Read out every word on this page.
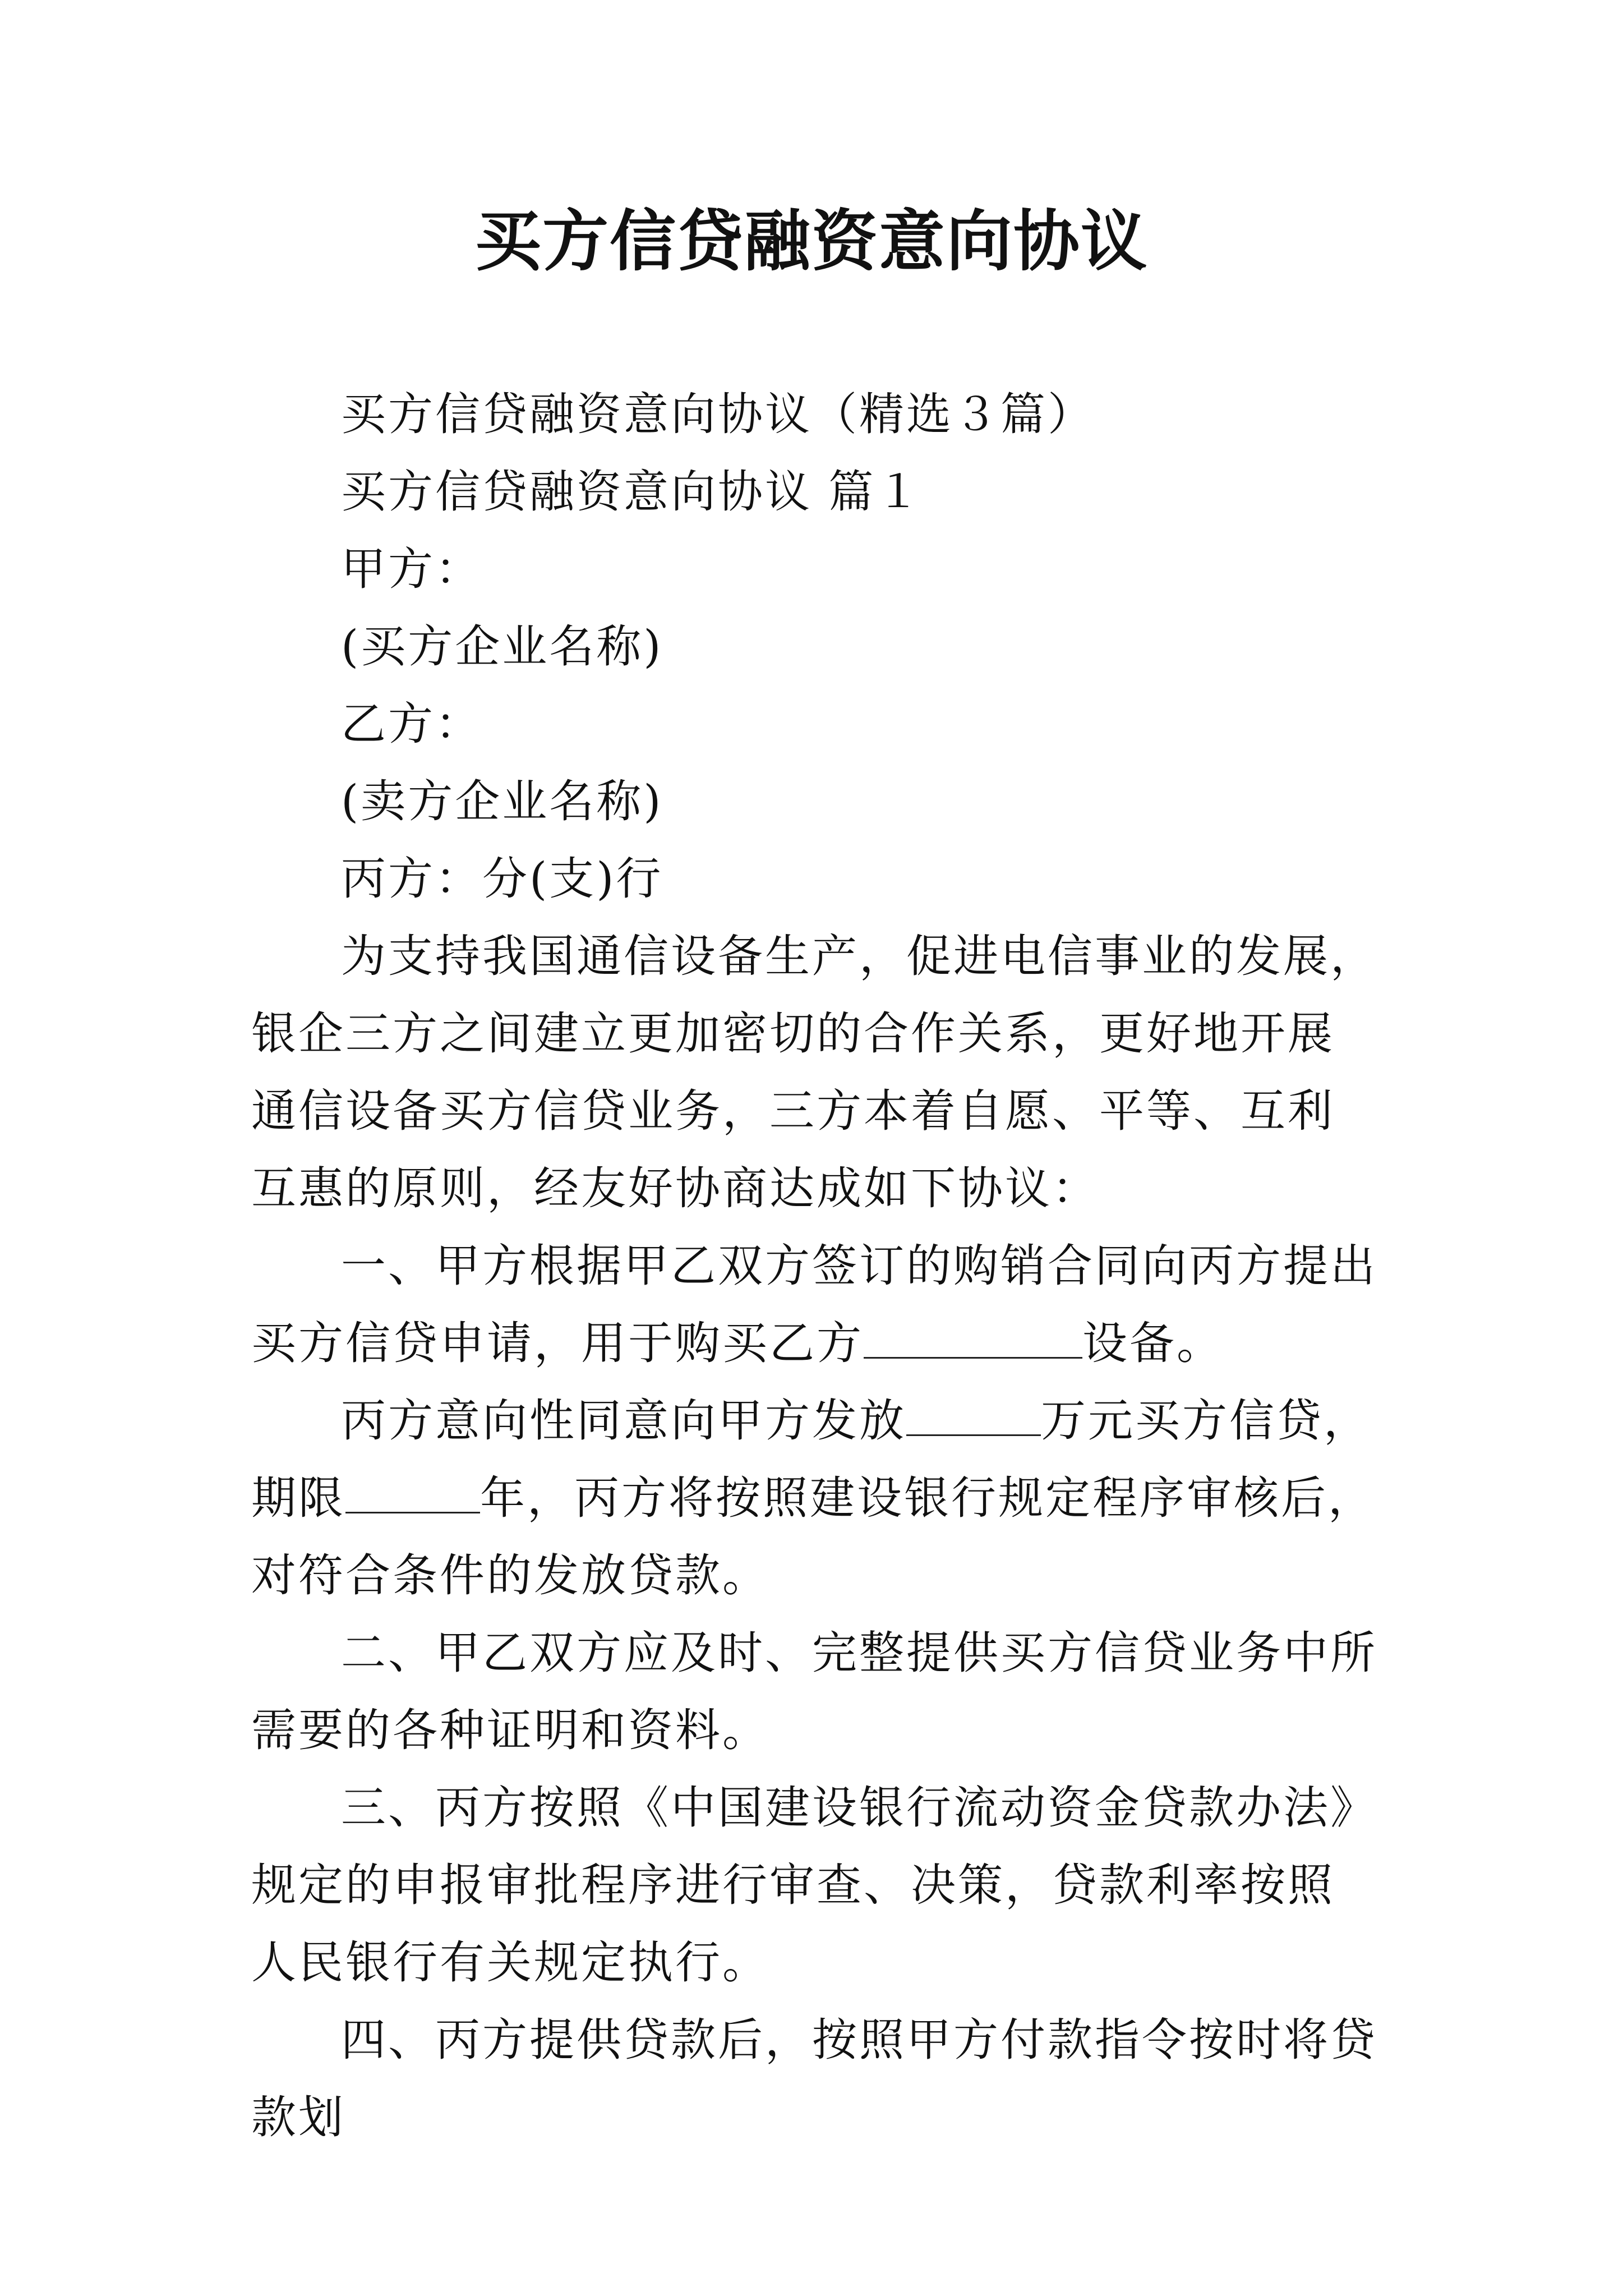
买方信贷融资意向协议

买方信贷融资意向协议（精选３篇）

买方信贷融资意向协议 篇１

甲方：

(买方企业名称)

乙方：

(卖方企业名称)

丙方：分(支)行

为支持我国通信设备生产，促进电信事业的发展，银企三方之间建立更加密切的合作关系，更好地开展通信设备买方信贷业务，三方本着自愿、平等、互利互惠的原则，经友好协商达成如下协议：

一、甲方根据甲乙双方签订的购销合同向丙方提出买方信贷申请，用于购买乙方	设备。

丙方意向性同意向甲方发放	万元买方信贷，期限	年，丙方将按照建设银行规定程序审核后，对符合条件的发放贷款。

二、甲乙双方应及时、完整提供买方信贷业务中所需要的各种证明和资料。

三、丙方按照《中国建设银行流动资金贷款办法》规定的申报审批程序进行审查、决策，贷款利率按照人民银行有关规定执行。

四、丙方提供贷款后，按照甲方付款指令按时将贷款划
